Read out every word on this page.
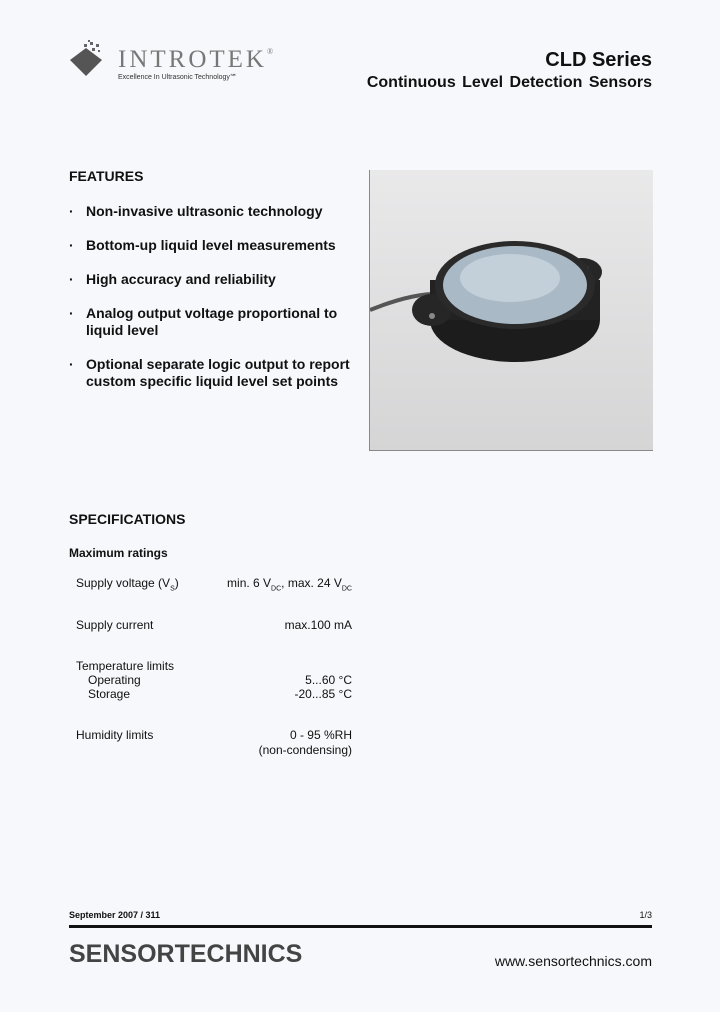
INTROTEK®
Excellence In Ultrasonic Technology℠
CLD Series
Continuous Level Detection Sensors
FEATURES
· Non-invasive ultrasonic technology
· Bottom-up liquid level measurements
· High accuracy and reliability
· Analog output voltage proportional to liquid level
· Optional separate logic output to report custom specific liquid level set points
SPECIFICATIONS
Maximum ratings
Supply voltage $(V_S)$	min. 6 $V_{DC}$, max. 24 $V_{DC}$
Supply current	max.100 mA
Temperature limits
Operating	5...60 °C
Storage	-20...85 °C
Humidity limits	0 - 95 %RH
(non-condensing)
September 2007 / 311	1/3
SENSORTECHNICS	www.sensortechnics.com
